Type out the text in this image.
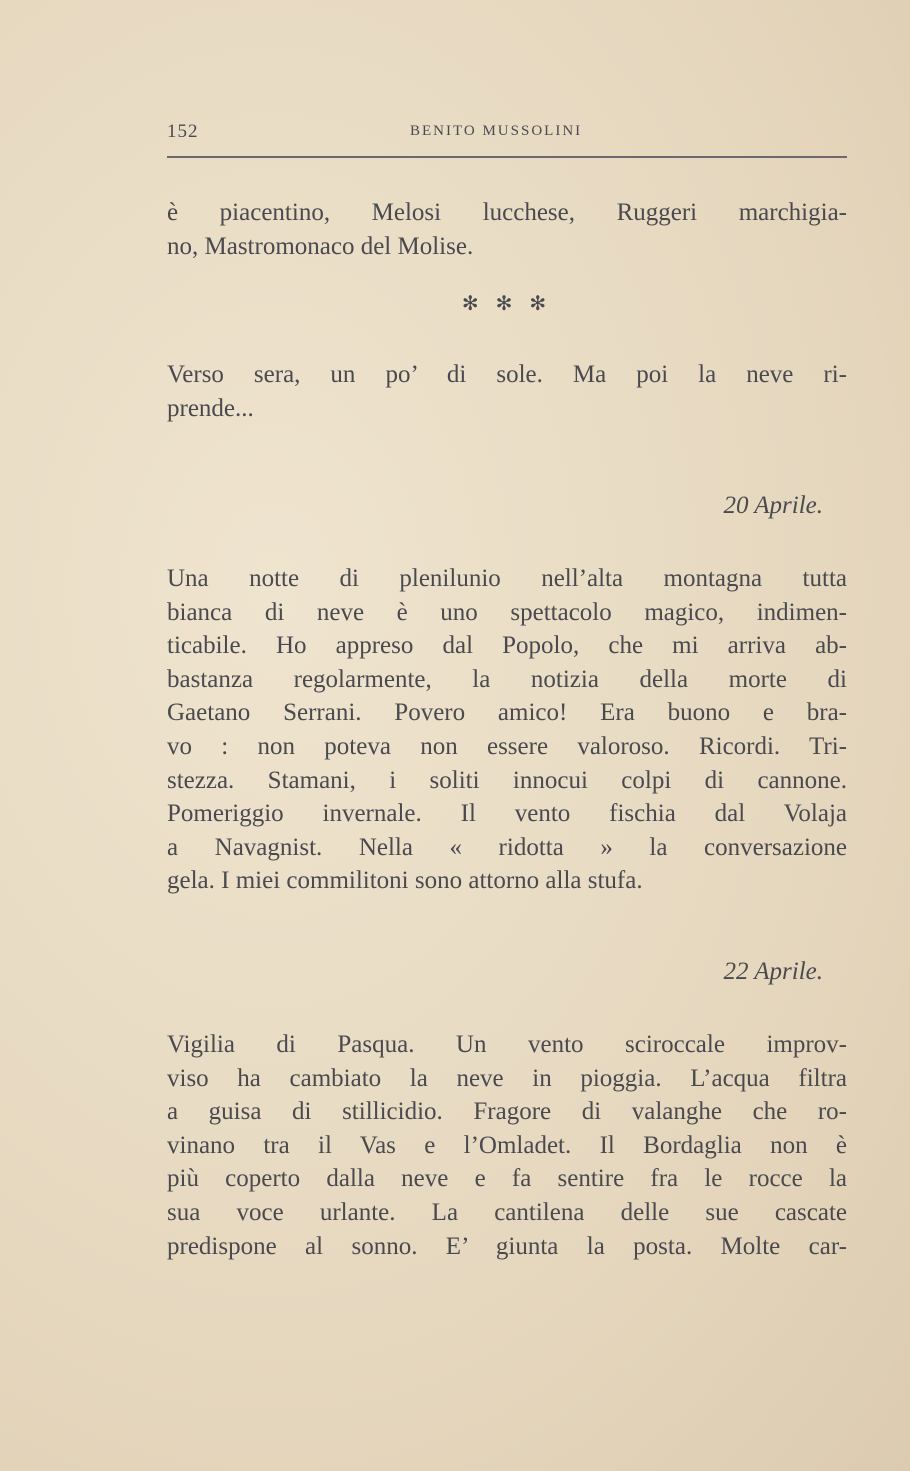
152	BENITO MUSSOLINI
è piacentino, Melosi lucchese, Ruggeri marchigia-
no, Mastromonaco del Molise.
✻ ✻ ✻
Verso sera, un po’ di sole. Ma poi la neve ri-
prende...
20 Aprile.
Una notte di plenilunio nell’alta montagna tutta
bianca di neve è uno spettacolo magico, indimen-
ticabile. Ho appreso dal Popolo, che mi arriva ab-
bastanza regolarmente, la notizia della morte di
Gaetano Serrani. Povero amico! Era buono e bra-
vo : non poteva non essere valoroso. Ricordi. Tri-
stezza. Stamani, i soliti innocui colpi di cannone.
Pomeriggio invernale. Il vento fischia dal Volaja
a Navagnist. Nella « ridotta » la conversazione
gela. I miei commilitoni sono attorno alla stufa.
22 Aprile.
Vigilia di Pasqua. Un vento sciroccale improv-
viso ha cambiato la neve in pioggia. L’acqua filtra
a guisa di stillicidio. Fragore di valanghe che ro-
vinano tra il Vas e l’Omladet. Il Bordaglia non è
più coperto dalla neve e fa sentire fra le rocce la
sua voce urlante. La cantilena delle sue cascate
predispone al sonno. E’ giunta la posta. Molte car-
